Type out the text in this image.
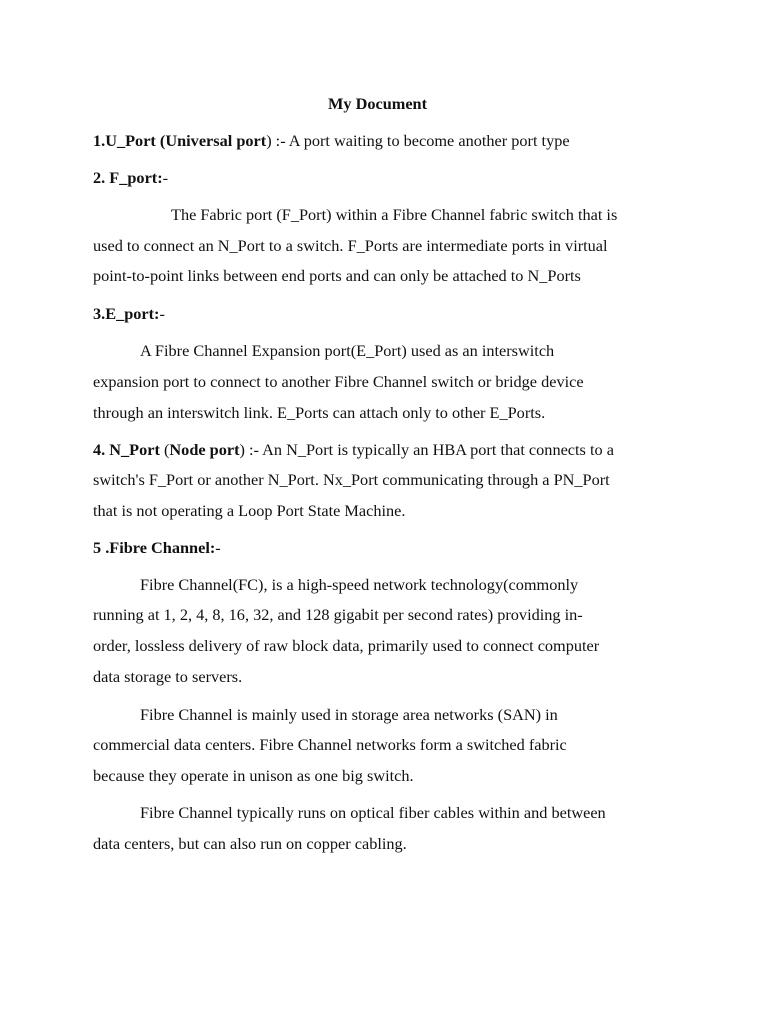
My Document
1.U_Port (Universal port) :- A port waiting to become another port type
2. F_port:-
The Fabric port (F_Port) within a Fibre Channel fabric switch that is
used to connect an N_Port to a switch. F_Ports are intermediate ports in virtual
point-to-point links between end ports and can only be attached to N_Ports
3.E_port:-
A Fibre Channel Expansion port(E_Port) used as an interswitch
expansion port to connect to another Fibre Channel switch or bridge device
through an interswitch link. E_Ports can attach only to other E_Ports.
4. N_Port (Node port) :- An N_Port is typically an HBA port that connects to a
switch's F_Port or another N_Port. Nx_Port communicating through a PN_Port
that is not operating a Loop Port State Machine.
5 .Fibre Channel:-
Fibre Channel(FC), is a high-speed network technology(commonly
running at 1, 2, 4, 8, 16, 32, and 128 gigabit per second rates) providing in-
order, lossless delivery of raw block data, primarily used to connect computer
data storage to servers.
Fibre Channel is mainly used in storage area networks (SAN) in
commercial data centers. Fibre Channel networks form a switched fabric
because they operate in unison as one big switch.
Fibre Channel typically runs on optical fiber cables within and between
data centers, but can also run on copper cabling.
